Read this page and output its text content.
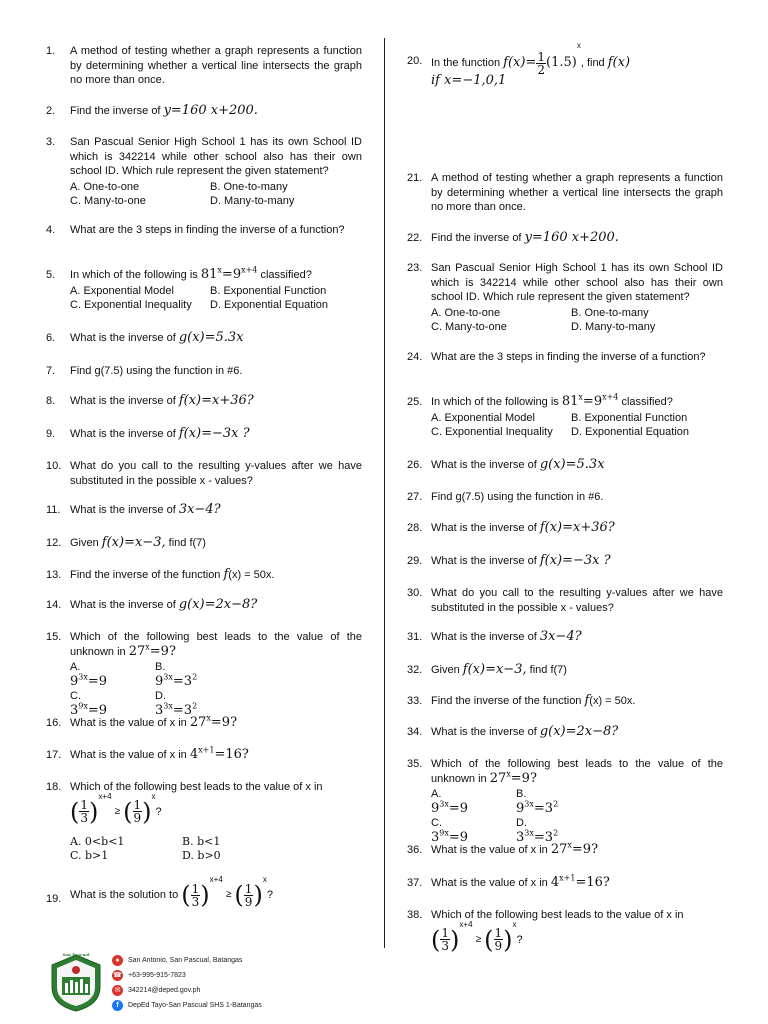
1.	A method of testing whether a graph represents a function by determining whether a vertical line intersects the graph no more than once.
2.	Find the inverse of y=160 x+200.
3.	San Pascual Senior High School 1 has its own School ID which is 342214 while other school also has their own school ID. Which rule represent the given statement?
A. One-to-one	B. One-to-many
C. Many-to-one	D. Many-to-many
4.	What are the 3 steps in finding the inverse of a function?
5.	In which of the following is $81^x=9^{x+4}$ classified?
A. Exponential Model	B. Exponential Function
C. Exponential Inequality	D. Exponential Equation
6.	What is the inverse of g(x)=5.3x
7.	Find g(7.5) using the function in #6.
8.	What is the inverse of f(x)=x+36?
9.	What is the inverse of f(x)=−3x ?
10. What do you call to the resulting y-values after we have substituted in the possible x - values?
11. What is the inverse of 3x−4?
12. Given f(x)=x−3, find f(7)
13. Find the inverse of the function f(x) = 50x.
14. What is the inverse of g(x)=2x−8?
15. Which of the following best leads to the value of the unknown in $27^x=9$?
A.
$9^{3x}=9$
B.
$9^{3x}=3^2$
C.
$3^{9x}=9$
D.
$3^{3x}=3^2$
16. What is the value of x in $27^x=9$?
17. What is the value of x in $4^{x+1}=16$?
18. Which of the following best leads to the value of x in
( $\frac{1}{3} )^{x+4}$ ≥ ( $\frac{1}{9} )^x$?
A. 0<b<1	B. b<1
C. b>1	D. b>0
19. What is the solution to ( $\frac{1}{3} )^{x+4}$ ≥ ( $\frac{1}{9} )^x$?
20. In the function $f(x)= \frac{1}{2} (1.5)^x$, find f(x)
if x=−1,0,1
21. A method of testing whether a graph represents a function by determining whether a vertical line intersects the graph no more than once.
22. Find the inverse of y=160 x+200.
23. San Pascual Senior High School 1 has its own School ID which is 342214 while other school also has their own school ID. Which rule represent the given statement?
A. One-to-one	B. One-to-many
C. Many-to-one	D. Many-to-many
24. What are the 3 steps in finding the inverse of a function?
25. In which of the following is $81^x=9^{x+4}$ classified?
A. Exponential Model	B. Exponential Function
C. Exponential Inequality	D. Exponential Equation
26. What is the inverse of g(x)=5.3x
27. Find g(7.5) using the function in #6.
28. What is the inverse of f(x)=x+36?
29. What is the inverse of f(x)=−3x ?
30. What do you call to the resulting y-values after we have substituted in the possible x - values?
31. What is the inverse of 3x−4?
32. Given f(x)=x−3, find f(7)
33. Find the inverse of the function f(x) = 50x.
34. What is the inverse of g(x)=2x−8?
35. Which of the following best leads to the value of the unknown in $27^x=9$?
A.
$9^{3x}=9$
B.
$9^{3x}=3^2$
C.
$3^{9x}=9$
D.
$3^{3x}=3^2$
36. What is the value of x in $27^x=9$?
37. What is the value of x in $4^{x+1}=16$?
38. Which of the following best leads to the value of x in
( $\frac{1}{3} )^{x+4}$ ≥ ( $\frac{1}{9} )^x$?
San Pascual
●	San Antonio, San Pascual, Batangas
☎ +63-995-915-7823
✉	342214@deped.gov.ph
f	DepEd Tayo-San Pascual SHS 1-Batangas
